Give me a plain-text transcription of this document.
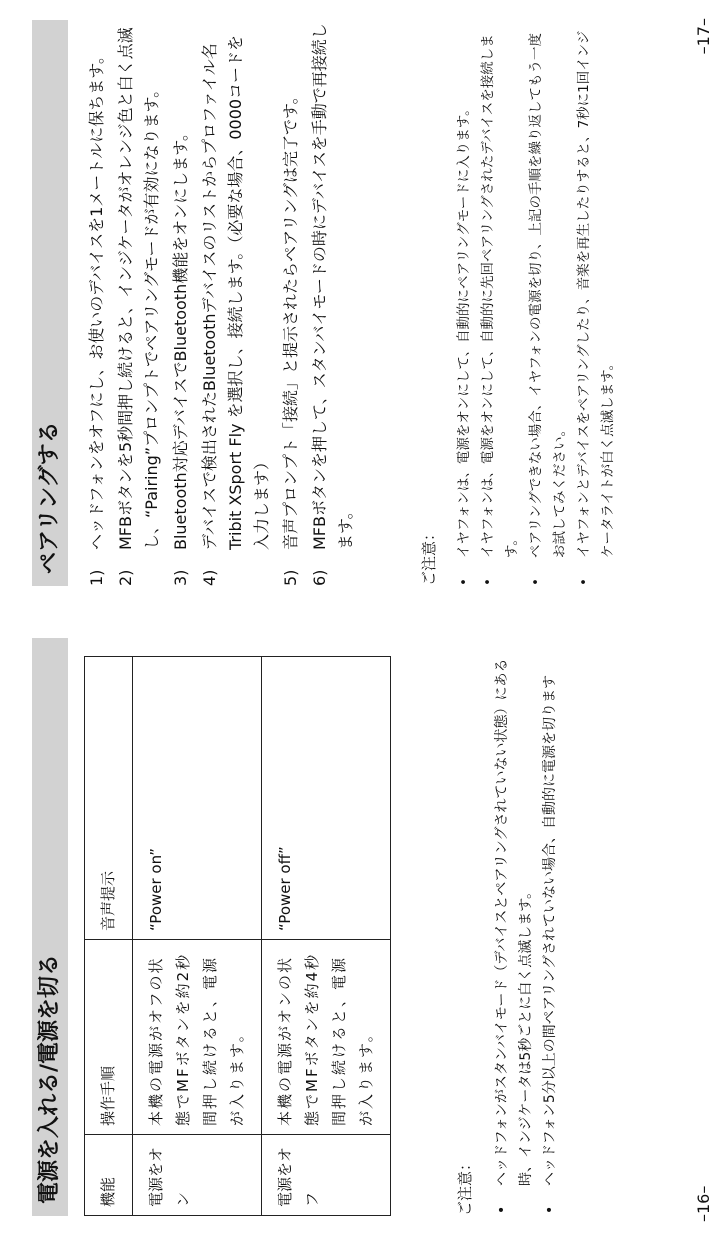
電源を入れる/電源を切る	機能	操作手順	音声提示
電源をオン	本機の電源がオフの状態でMFボタンを約2秒間押し続けると、電源が入ります。	“Power on”
電源をオフ	本機の電源がオンの状態でMFボタンを約4秒間押し続けると、電源が入ります。	“Power off”
ご注意： •
ヘッドフォンがスタンバイモード（デバイスとペアリングされていない状態）にある時、インジケータは5秒ごとに白く点滅します。
•
ヘッドフォン5分以上の間ペアリングされていない場合、自動的に電源を切ります
–16–
ペアリングする
1)
ヘッドフォンをオフにし、お使いのデバイスを1メートルに保ちます。
2)
MFBボタンを5秒間押し続けると、インジケータがオレンジ色と白く点滅し、“Pairing”プロンプトでペアリングモードが有効になります。
3)
Bluetooth対応デバイスでBluetooth機能をオンにします。
4)
デバイスで検出されたBluetoothデバイスのリストからプロファイル名 Tribit XSport Fly を選択し、接続します。（必要な場合、0000コードを入力します）
5)
音声プロンプト「接続」と提示されたらペアリングは完了です。
6)
MFBボタンを押して、スタンバイモードの時にデバイスを手動で再接続します。	ご注意： •
イヤフォンは、電源をオンにして、自動的にペアリングモードに入ります。
•
イヤフォンは、電源をオンにして、自動的に先回ペアリングされたデバイスを接続します。
•
ペアリングできない場合、イヤフォンの電源を切り、上記の手順を繰り返してもう一度お試してみください。
•
イヤフォンとデバイスをペアリングしたり、音楽を再生したりすると、7秒に1回インジケータライトが白く点滅します。
–17–
